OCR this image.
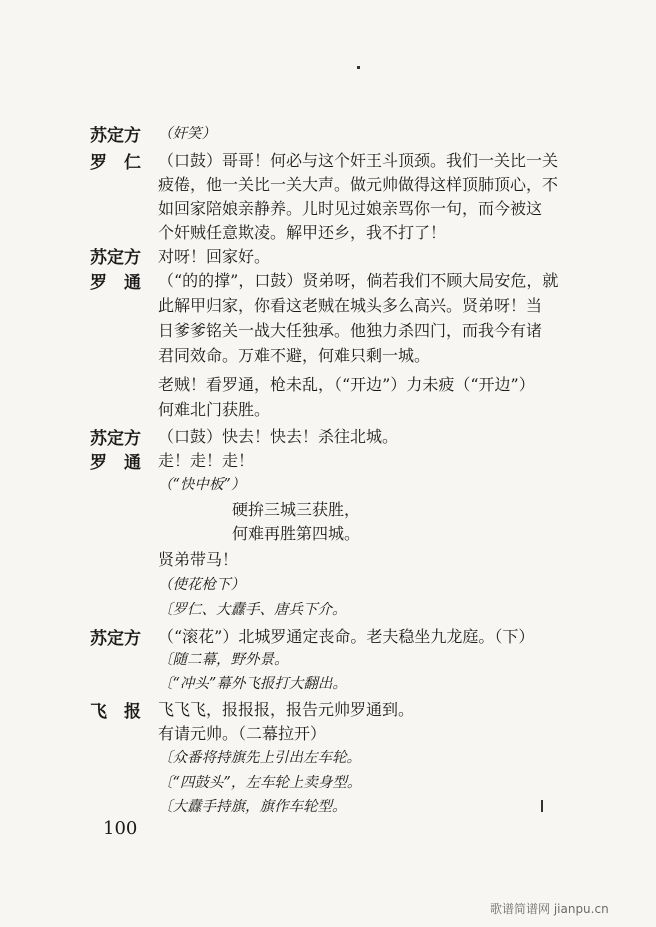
苏定方
罗　仁
苏定方
罗　通
苏定方
罗　通
苏定方
飞　报
（奸笑）
（口鼓）哥哥！何必与这个奸王斗顶颈。我们一关比一关
疲倦，他一关比一关大声。做元帅做得这样顶肺顶心，不
如回家陪娘亲静养。儿时见过娘亲骂你一句，而今被这
个奸贼任意欺凌。解甲还乡，我不打了！
对呀！回家好。
（“的的撑”，口鼓）贤弟呀，倘若我们不顾大局安危，就
此解甲归家，你看这老贼在城头多么高兴。贤弟呀！当
日爹爹铭关一战大任独承。他独力杀四门，而我今有诸
君同效命。万难不避，何难只剩一城。
老贼！看罗通，枪未乱，（“开边”）力未疲（“开边”）
何难北门获胜。
（口鼓）快去！快去！杀往北城。
走！走！走！
（“快中板”）
硬拚三城三获胜，
何难再胜第四城。
贤弟带马！
（使花枪下）
〔罗仁、大纛手、唐兵下介。
（“滚花”）北城罗通定丧命。老夫稳坐九龙庭。（下）
〔随二幕，野外景。
〔“冲头”幕外飞报打大翻出。
飞飞飞，报报报，报告元帅罗通到。
有请元帅。（二幕拉开）
〔众番将持旗先上引出左车轮。
〔“四鼓头”，左车轮上卖身型。
〔大纛手持旗，旗作车轮型。
100
歌谱简谱网 jianpu.cn
